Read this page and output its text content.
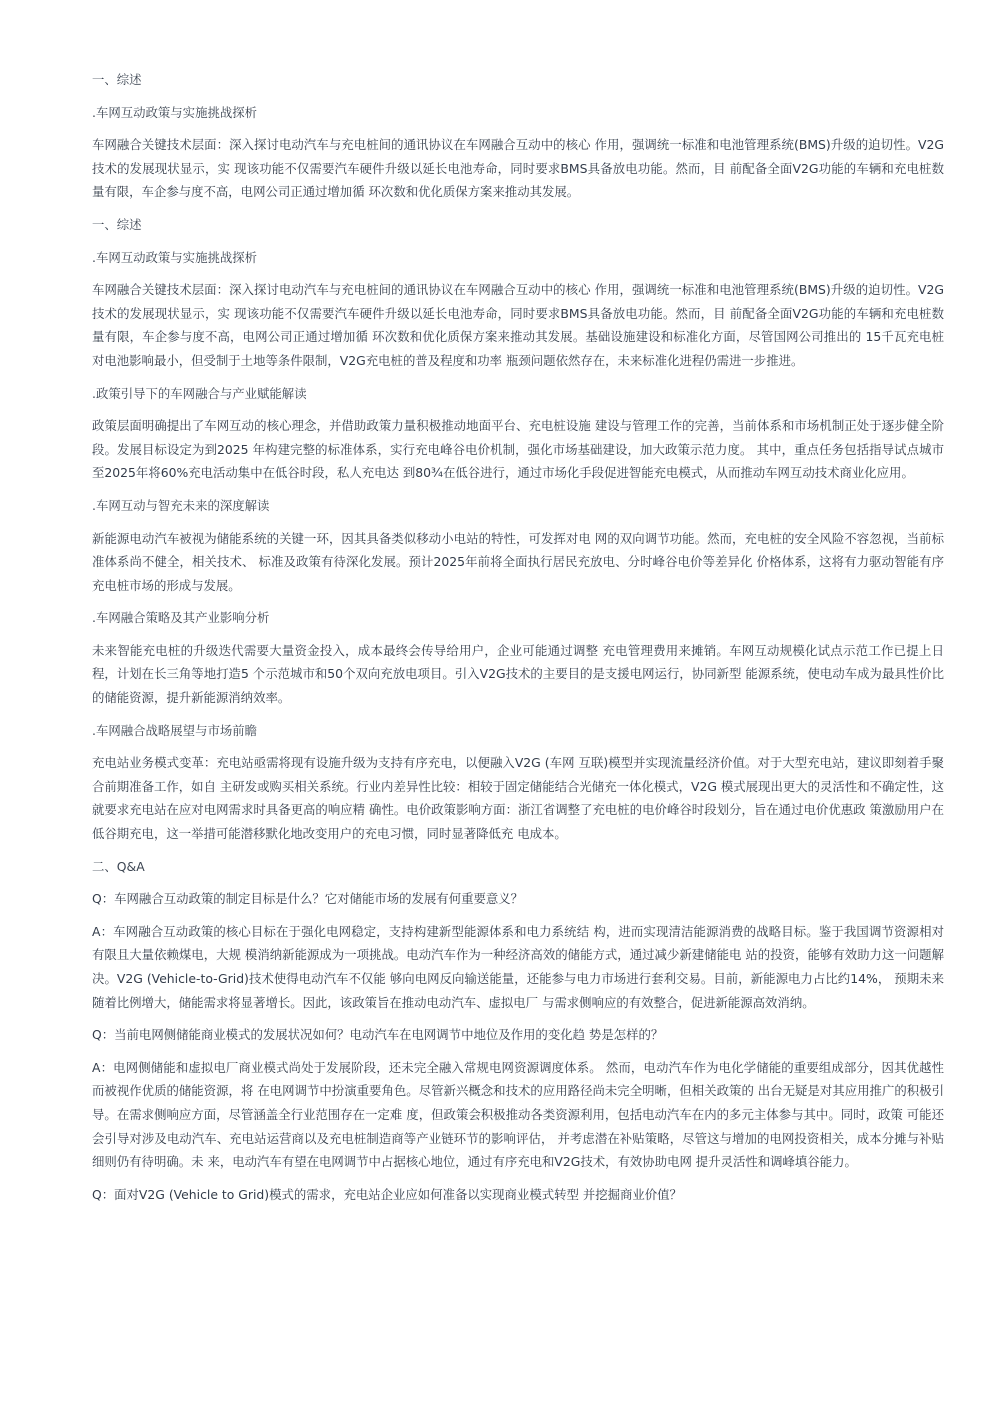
一、综述
.车网互动政策与实施挑战探析
车网融合关键技术层面：深入探讨电动汽车与充电桩间的通讯协议在车网融合互动中的核心 作用，强调统一标准和电池管理系统(BMS)升级的迫切性。V2G技术的发展现状显示，实 现该功能不仅需要汽车硬件升级以延长电池寿命，同时要求BMS具备放电功能。然而，目 前配备全面V2G功能的车辆和充电桩数量有限，车企参与度不高，电网公司正通过增加循 环次数和优化质保方案来推动其发展。
一、综述
.车网互动政策与实施挑战探析
车网融合关键技术层面：深入探讨电动汽车与充电桩间的通讯协议在车网融合互动中的核心 作用，强调统一标准和电池管理系统(BMS)升级的迫切性。V2G技术的发展现状显示，实 现该功能不仅需要汽车硬件升级以延长电池寿命，同时要求BMS具备放电功能。然而，目 前配备全面V2G功能的车辆和充电桩数量有限，车企参与度不高，电网公司正通过增加循 环次数和优化质保方案来推动其发展。基础设施建设和标准化方面，尽管国网公司推出的 15千瓦充电桩对电池影响最小，但受制于土地等条件限制，V2G充电桩的普及程度和功率 瓶颈问题依然存在，未来标准化进程仍需进一步推进。
.政策引导下的车网融合与产业赋能解读
政策层面明确提出了车网互动的核心理念，并借助政策力量积极推动地面平台、充电桩设施 建设与管理工作的完善，当前体系和市场机制正处于逐步健全阶段。发展目标设定为到2025 年构建完整的标准体系，实行充电峰谷电价机制，强化市场基础建设，加大政策示范力度。 其中，重点任务包括指导试点城市至2025年将60%充电活动集中在低谷时段，私人充电达 到80¾在低谷进行，通过市场化手段促进智能充电模式，从而推动车网互动技术商业化应用。
.车网互动与智充未来的深度解读
新能源电动汽车被视为储能系统的关键一环，因其具备类似移动小电站的特性，可发挥对电 网的双向调节功能。然而，充电桩的安全风险不容忽视，当前标准体系尚不健全，相关技术、 标准及政策有待深化发展。预计2025年前将全面执行居民充放电、分时峰谷电价等差异化 价格体系，这将有力驱动智能有序充电桩市场的形成与发展。
.车网融合策略及其产业影响分析
未来智能充电桩的升级迭代需要大量资金投入，成本最终会传导给用户，企业可能通过调整 充电管理费用来摊销。车网互动规模化试点示范工作已提上日程，计划在长三角等地打造5 个示范城市和50个双向充放电项目。引入V2G技术的主要目的是支援电网运行，协同新型 能源系统，使电动车成为最具性价比的储能资源，提升新能源消纳效率。
.车网融合战略展望与市场前瞻
充电站业务模式变革：充电站亟需将现有设施升级为支持有序充电，以便融入V2G (车网 互联)模型并实现流量经济价值。对于大型充电站，建议即刻着手聚合前期准备工作，如自 主研发或购买相关系统。行业内差异性比较：相较于固定储能结合光储充一体化模式，V2G 模式展现出更大的灵活性和不确定性，这就要求充电站在应对电网需求时具备更高的响应精 确性。电价政策影响方面：浙江省调整了充电桩的电价峰谷时段划分，旨在通过电价优惠政 策激励用户在低谷期充电，这一举措可能潜移默化地改变用户的充电习惯，同时显著降低充 电成本。
二、Q&A
Q：车网融合互动政策的制定目标是什么？它对储能市场的发展有何重要意义？
A：车网融合互动政策的核心目标在于强化电网稳定，支持构建新型能源体系和电力系统结 构，进而实现清洁能源消费的战略目标。鉴于我国调节资源相对有限且大量依赖煤电，大规 模消纳新能源成为一项挑战。电动汽车作为一种经济高效的储能方式，通过减少新建储能电 站的投资，能够有效助力这一问题解决。V2G (Vehicle-to-Grid)技术使得电动汽车不仅能 够向电网反向输送能量，还能参与电力市场进行套利交易。目前，新能源电力占比约14%， 预期未来随着比例增大，储能需求将显著增长。因此，该政策旨在推动电动汽车、虚拟电厂 与需求侧响应的有效整合，促进新能源高效消纳。
Q：当前电网侧储能商业模式的发展状况如何？电动汽车在电网调节中地位及作用的变化趋 势是怎样的？
A：电网侧储能和虚拟电厂商业模式尚处于发展阶段，还未完全融入常规电网资源调度体系。 然而，电动汽车作为电化学储能的重要组成部分，因其优越性而被视作优质的储能资源，将 在电网调节中扮演重要角色。尽管新兴概念和技术的应用路径尚未完全明晰，但相关政策的 出台无疑是对其应用推广的积极引导。在需求侧响应方面，尽管涵盖全行业范围存在一定难 度，但政策会积极推动各类资源利用，包括电动汽车在内的多元主体参与其中。同时，政策 可能还会引导对涉及电动汽车、充电站运营商以及充电桩制造商等产业链环节的影响评估， 并考虑潜在补贴策略，尽管这与增加的电网投资相关，成本分摊与补贴细则仍有待明确。未 来，电动汽车有望在电网调节中占据核心地位，通过有序充电和V2G技术，有效协助电网 提升灵活性和调峰填谷能力。
Q：面对V2G (Vehicle to Grid)模式的需求，充电站企业应如何准备以实现商业模式转型 并挖掘商业价值？
